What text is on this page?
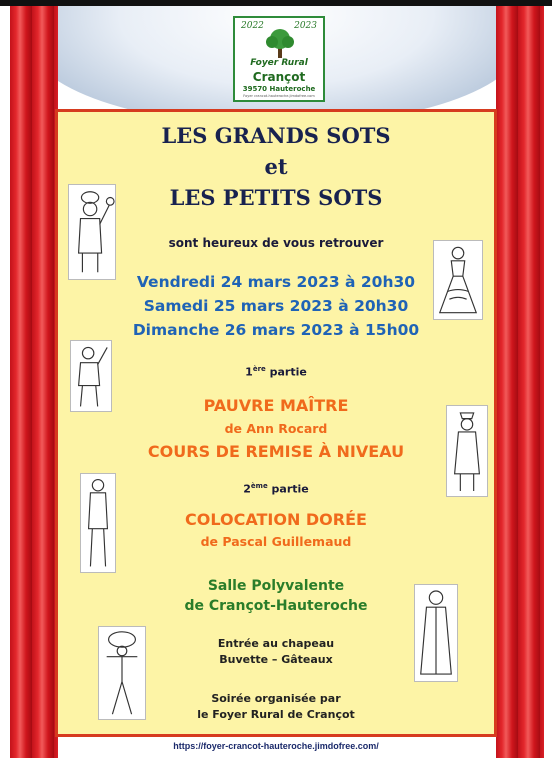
2022	2023
Foyer Rural
Crançot
39570 Hauteroche
Foyer crancot-hauteroche.jimdofree.com

LES GRANDS SOTS

et

LES PETITS SOTS

sont heureux de vous retrouver

Vendredi 24 mars 2023 à 20h30

Samedi 25 mars 2023 à 20h30

Dimanche 26 mars 2023 à 15h00

1ère partie

PAUVRE MAÎTRE

de Ann Rocard

COURS DE REMISE À NIVEAU

2ème partie

COLOCATION DORÉE

de Pascal Guillemaud

Salle Polyvalente

de Crançot-Hauteroche

Entrée au chapeau

Buvette – Gâteaux

Soirée organisée par

le Foyer Rural de Crançot

https://foyer-crancot-hauteroche.jimdofree.com/
